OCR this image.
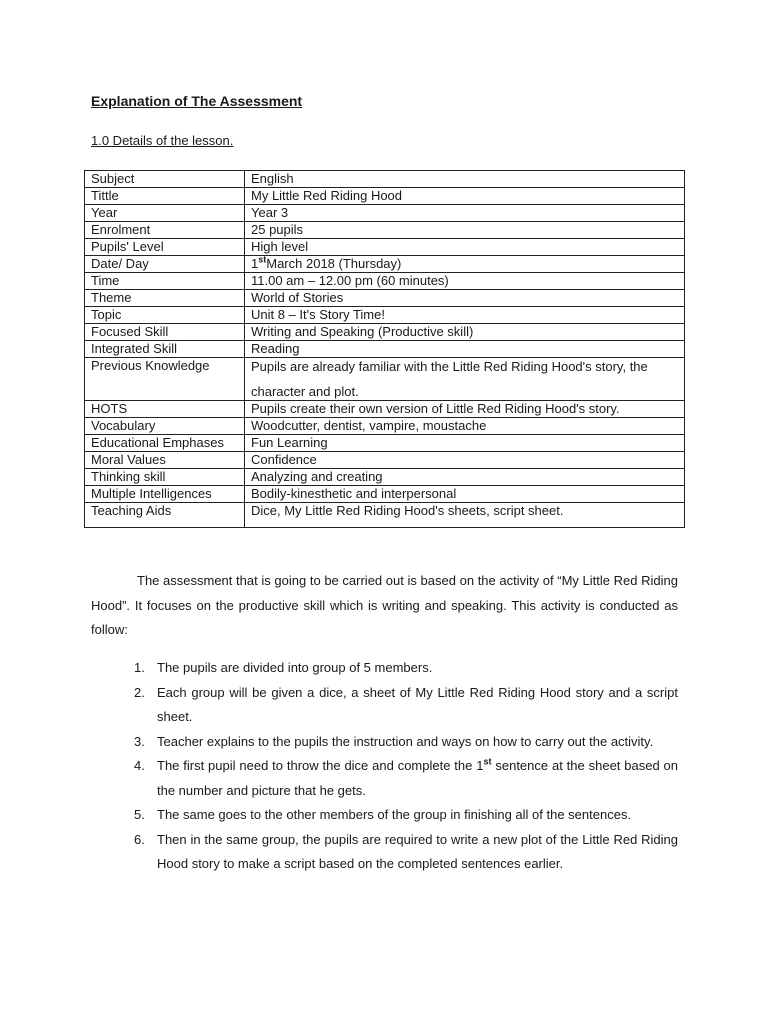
Explanation of The Assessment
1.0 Details of the lesson.
Subject	English
Tittle	My Little Red Riding Hood
Year	Year 3
Enrolment	25 pupils
Pupils' Level	High level
Date/ Day	1stMarch 2018 (Thursday)
Time	11.00 am – 12.00 pm (60 minutes)
Theme	World of Stories
Topic	Unit 8 – It's Story Time!
Focused Skill	Writing and Speaking (Productive skill)
Integrated Skill	Reading
Previous Knowledge	Pupils are already familiar with the Little Red Riding Hood's story, the
character and plot.

HOTS	Pupils create their own version of Little Red Riding Hood's story.
Vocabulary	Woodcutter, dentist, vampire, moustache
Educational Emphases	Fun Learning
Moral Values	Confidence
Thinking skill	Analyzing and creating
Multiple Intelligences	Bodily-kinesthetic and interpersonal
Teaching Aids	Dice, My Little Red Riding Hood's sheets, script sheet.

The assessment that is going to be carried out is based on the activity of “My Little Red Riding Hood”. It focuses on the productive skill which is writing and speaking. This activity is conducted as follow:

1. The pupils are divided into group of 5 members.
2. Each group will be given a dice, a sheet of My Little Red Riding Hood story and a script sheet.
3. Teacher explains to the pupils the instruction and ways on how to carry out the activity.
4. The first pupil need to throw the dice and complete the 1st sentence at the sheet based on the number and picture that he gets.
5. The same goes to the other members of the group in finishing all of the sentences.
6. Then in the same group, the pupils are required to write a new plot of the Little Red Riding Hood story to make a script based on the completed sentences earlier.
